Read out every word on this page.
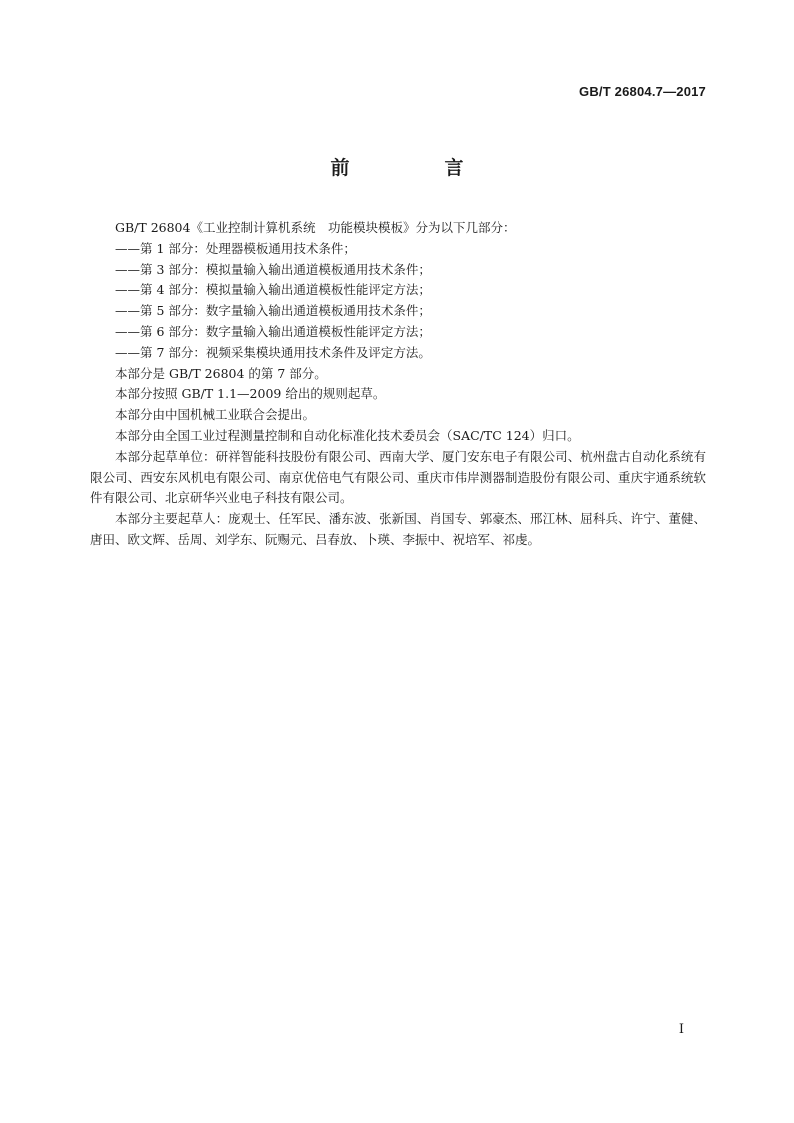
GB/T 26804.7—2017
前　言
GB/T 26804《工业控制计算机系统　功能模块模板》分为以下几部分：
——第 1 部分：处理器模板通用技术条件；
——第 3 部分：模拟量输入输出通道模板通用技术条件；
——第 4 部分：模拟量输入输出通道模板性能评定方法；
——第 5 部分：数字量输入输出通道模板通用技术条件；
——第 6 部分：数字量输入输出通道模板性能评定方法；
——第 7 部分：视频采集模块通用技术条件及评定方法。
本部分是 GB/T 26804 的第 7 部分。
本部分按照 GB/T 1.1—2009 给出的规则起草。
本部分由中国机械工业联合会提出。
本部分由全国工业过程测量控制和自动化标准化技术委员会（SAC/TC 124）归口。
本部分起草单位：研祥智能科技股份有限公司、西南大学、厦门安东电子有限公司、杭州盘古自动化系统有限公司、西安东风机电有限公司、南京优倍电气有限公司、重庆市伟岸测器制造股份有限公司、重庆宇通系统软件有限公司、北京研华兴业电子科技有限公司。
本部分主要起草人：庞观士、任军民、潘东波、张新国、肖国专、郭豪杰、邢江林、屈科兵、许宁、董健、唐田、欧文辉、岳周、刘学东、阮赐元、吕春放、卜瑛、李振中、祝培军、祁虔。
I
